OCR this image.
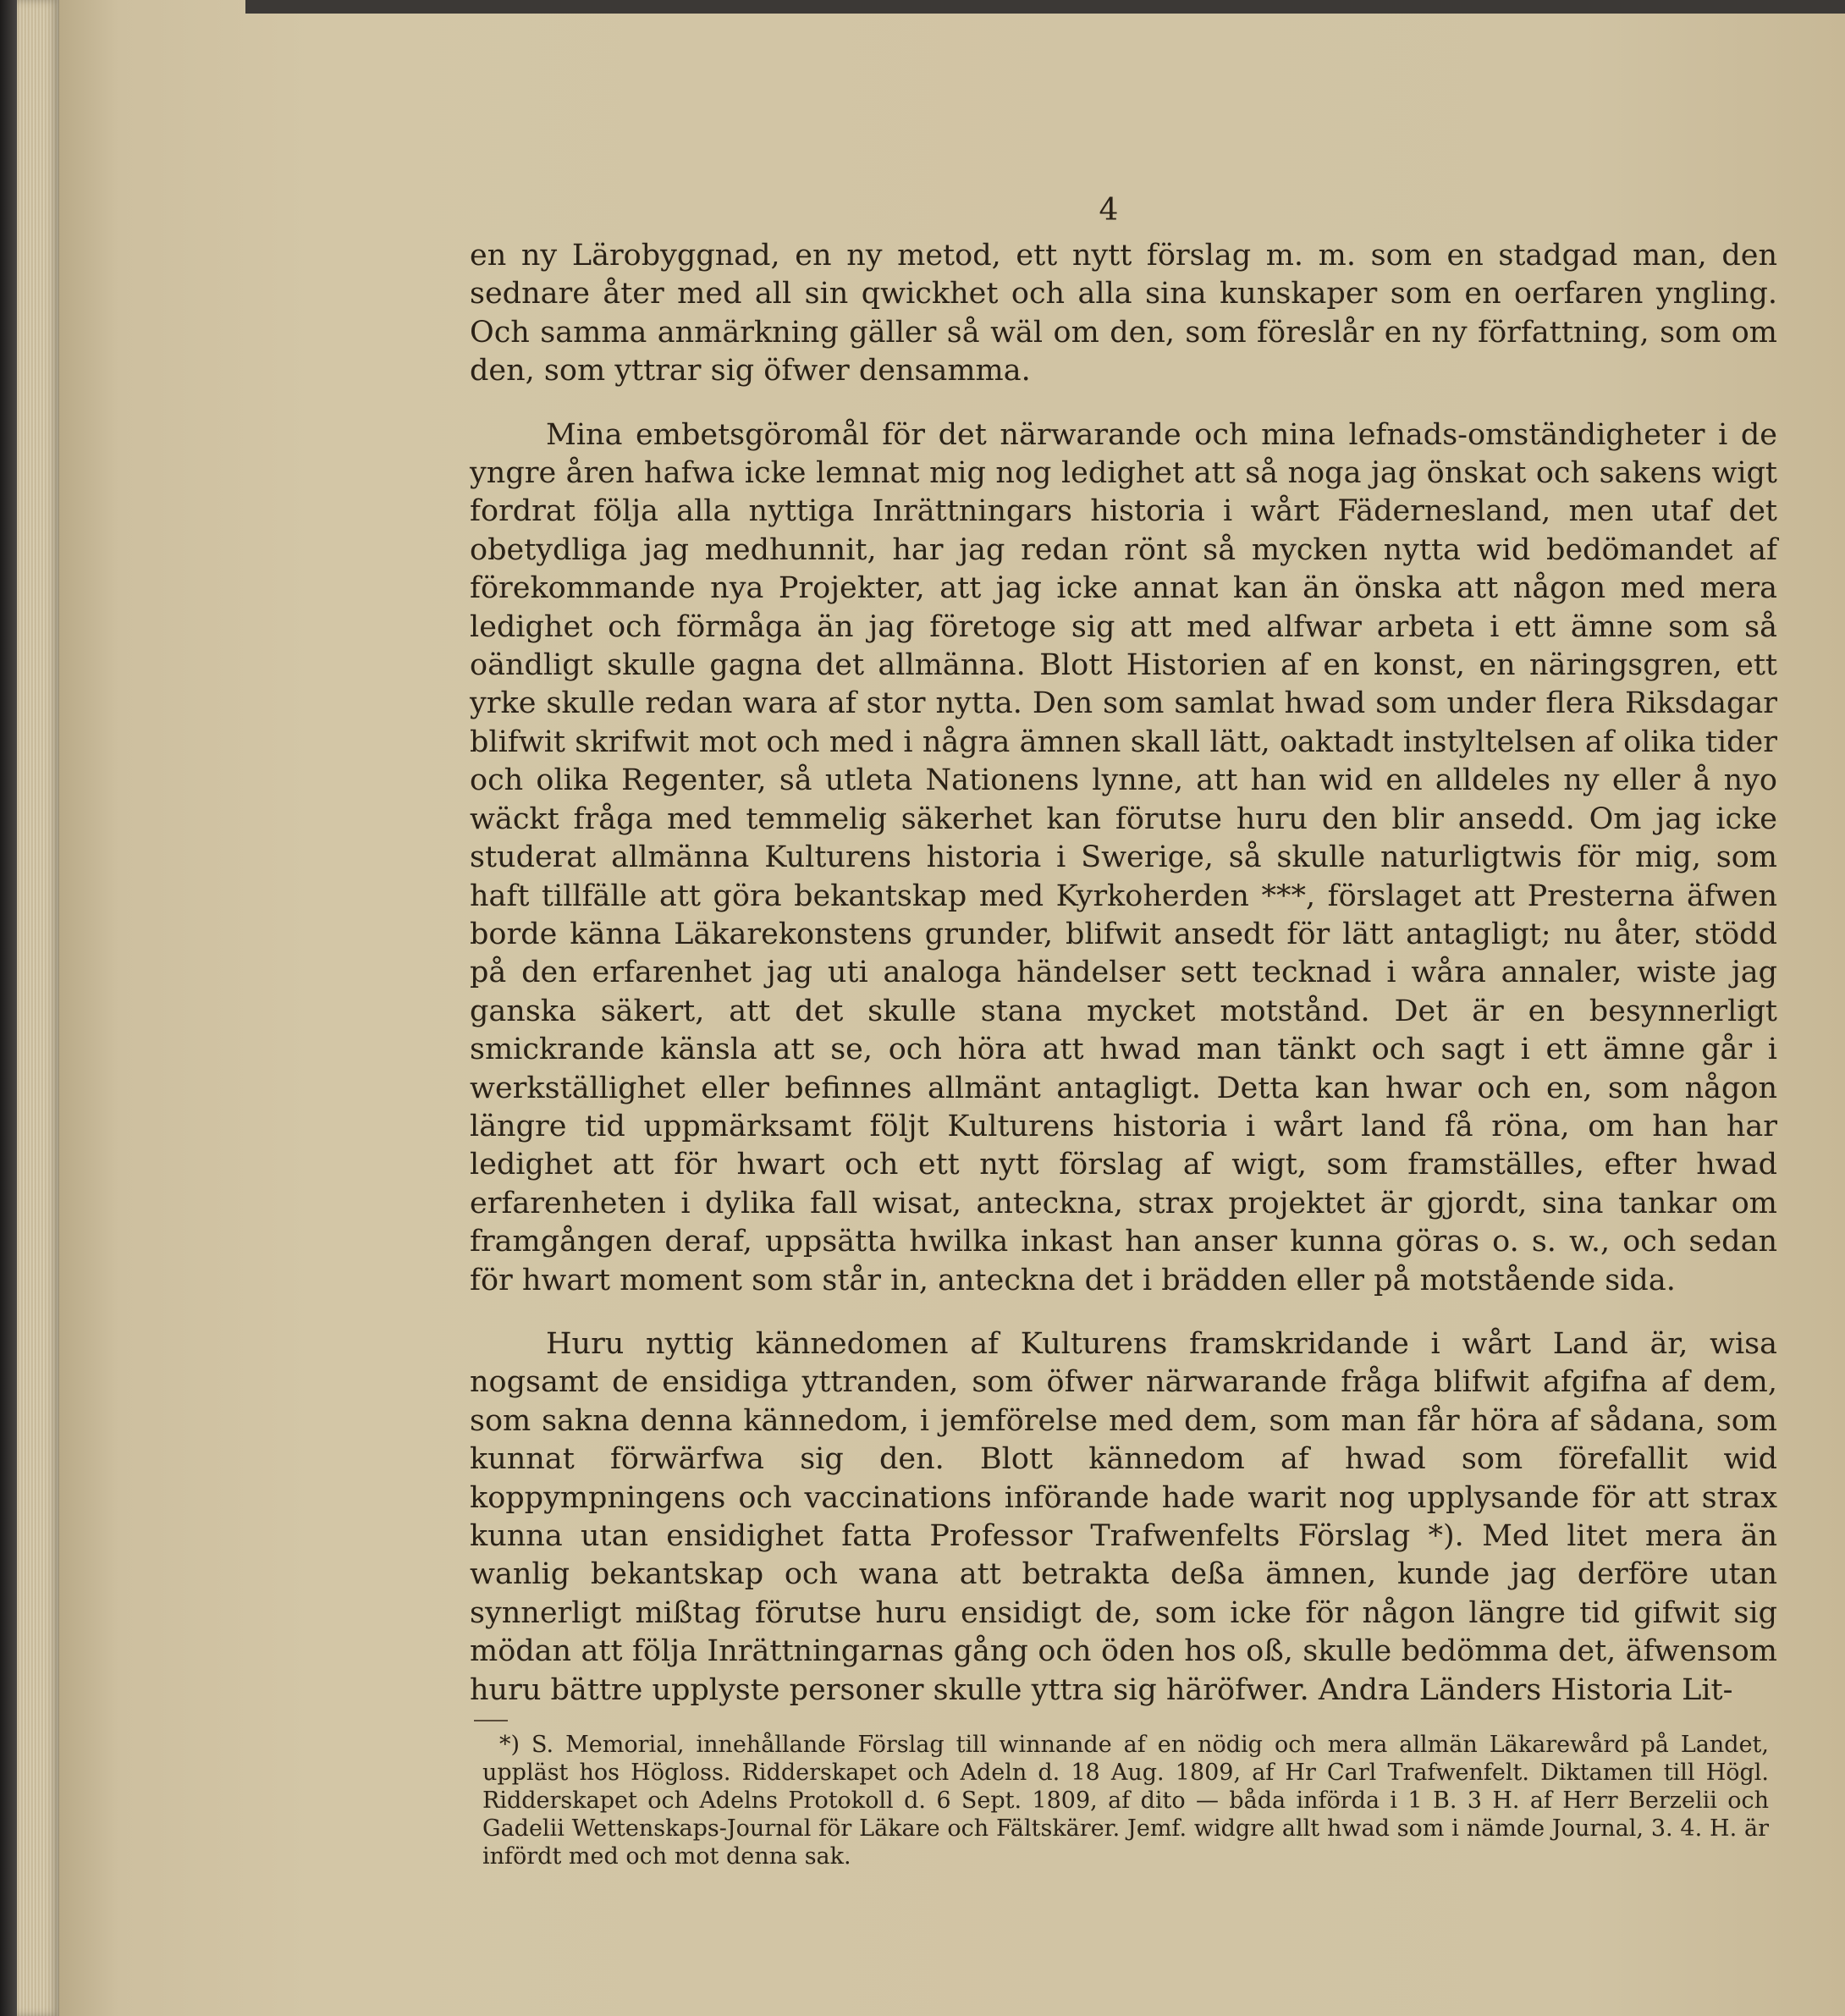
4

en ny Lärobyggnad, en ny metod, ett nytt förslag m. m. som en stadgad man, den sednare åter med all sin qwickhet och alla sina kunskaper som en oerfaren yngling. Och samma anmärkning gäller så wäl om den, som föreslår en ny författning, som om den, som yttrar sig öfwer densamma.

Mina embetsgöromål för det närwarande och mina lefnads-omständigheter i de yngre åren hafwa icke lemnat mig nog ledighet att så noga jag önskat och sakens wigt fordrat följa alla nyttiga Inrättningars historia i wårt Fädernesland, men utaf det obetydliga jag medhunnit, har jag redan rönt så mycken nytta wid bedömandet af förekommande nya Projekter, att jag icke annat kan än önska att någon med mera ledighet och förmåga än jag företoge sig att med alfwar arbeta i ett ämne som så oändligt skulle gagna det allmänna. Blott Historien af en konst, en näringsgren, ett yrke skulle redan wara af stor nytta. Den som samlat hwad som under flera Riksdagar blifwit skrifwit mot och med i några ämnen skall lätt, oaktadt instyltelsen af olika tider och olika Regenter, så utleta Nationens lynne, att han wid en alldeles ny eller å nyo wäckt fråga med temmelig säkerhet kan förutse huru den blir ansedd. Om jag icke studerat allmänna Kulturens historia i Swerige, så skulle naturligtwis för mig, som haft tillfälle att göra bekantskap med Kyrkoherden ***, förslaget att Presterna äfwen borde känna Läkarekonstens grunder, blifwit ansedt för lätt antagligt; nu åter, stödd på den erfarenhet jag uti analoga händelser sett tecknad i wåra annaler, wiste jag ganska säkert, att det skulle stana mycket motstånd. Det är en besynnerligt smickrande känsla att se, och höra att hwad man tänkt och sagt i ett ämne går i werkställighet eller befinnes allmänt antagligt. Detta kan hwar och en, som någon längre tid uppmärksamt följt Kulturens historia i wårt land få röna, om han har ledighet att för hwart och ett nytt förslag af wigt, som framställes, efter hwad erfarenheten i dylika fall wisat, anteckna, strax projektet är gjordt, sina tankar om framgången deraf, uppsätta hwilka inkast han anser kunna göras o. s. w., och sedan för hwart moment som står in, anteckna det i brädden eller på motstående sida.

Huru nyttig kännedomen af Kulturens framskridande i wårt Land är, wisa nogsamt de ensidiga yttranden, som öfwer närwarande fråga blifwit afgifna af dem, som sakna denna kännedom, i jemförelse med dem, som man får höra af sådana, som kunnat förwärfwa sig den. Blott kännedom af hwad som förefallit wid koppympningens och vaccinations införande hade warit nog upplysande för att strax kunna utan ensidighet fatta Professor Trafwenfelts Förslag *). Med litet mera än wanlig bekantskap och wana att betrakta deßa ämnen, kunde jag derföre utan synnerligt mißtag förutse huru ensidigt de, som icke för någon längre tid gifwit sig mödan att följa Inrättningarnas gång och öden hos oß, skulle bedömma det, äfwensom huru bättre upplyste personer skulle yttra sig häröfwer. Andra Länders Historia Lit-

*) S. Memorial, innehållande Förslag till winnande af en nödig och mera allmän Läkarewård på Landet, uppläst hos Högloss. Ridderskapet och Adeln d. 18 Aug. 1809, af Hr Carl Trafwenfelt. Diktamen till Högl. Ridderskapet och Adelns Protokoll d. 6 Sept. 1809, af dito — båda införda i 1 B. 3 H. af Herr Berzelii och Gadelii Wettenskaps-Journal för Läkare och Fältskärer. Jemf. widgre allt hwad som i nämde Journal, 3. 4. H. är infördt med och mot denna sak.
